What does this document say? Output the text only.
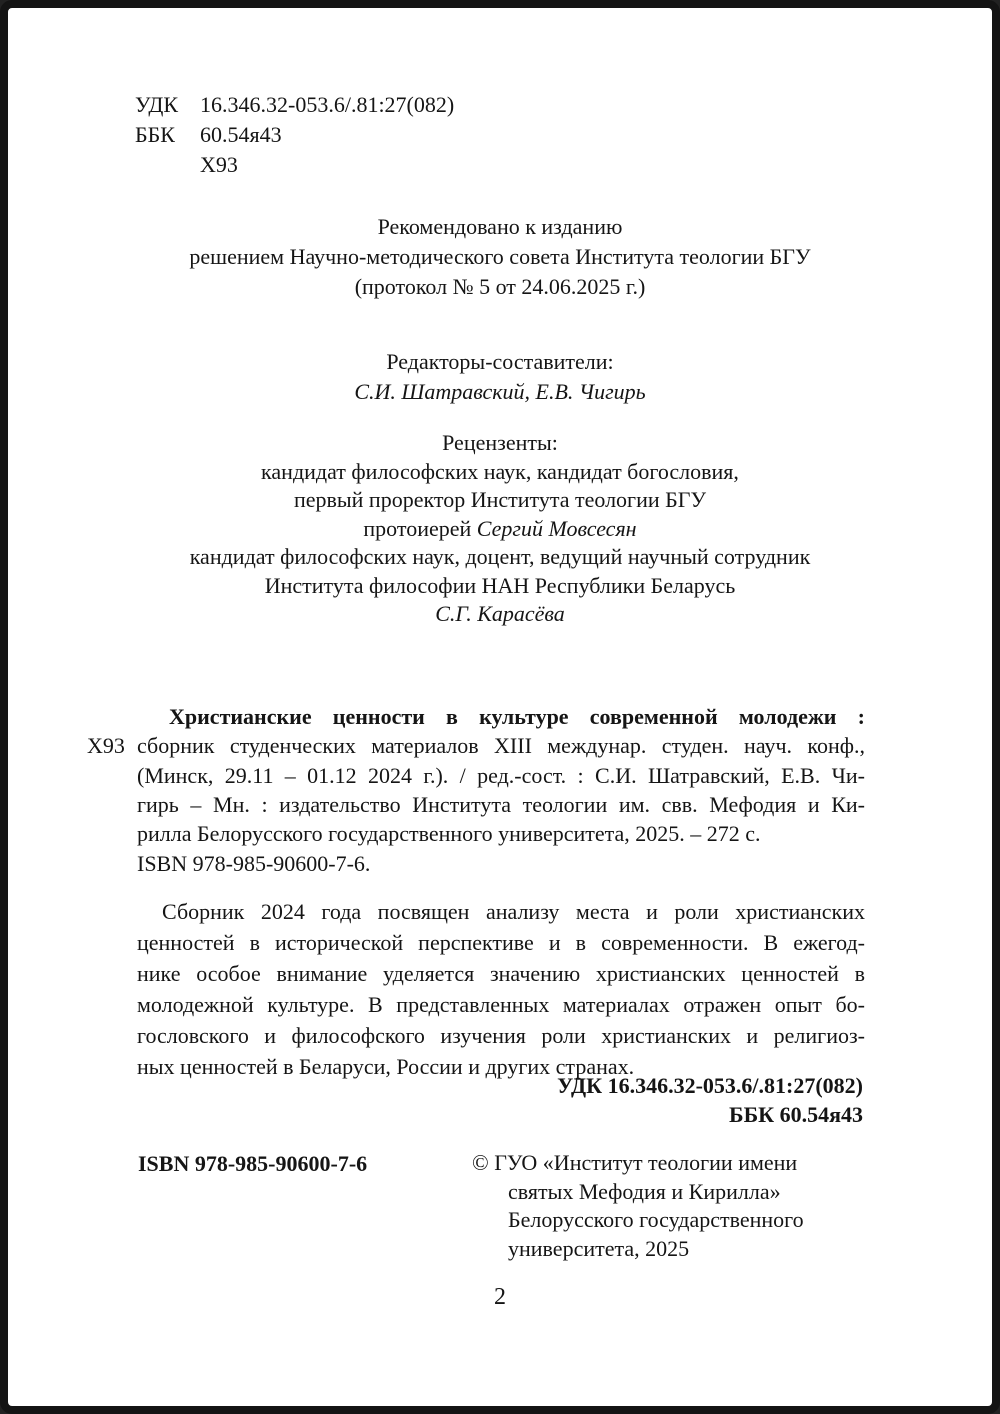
УДК 16.346.32-053.6/.81:27(082)
ББК	60.54я43
Х93
Рекомендовано к изданию
решением Научно-методического совета Института теологии БГУ
(протокол № 5 от 24.06.2025 г.)
Редакторы-составители:
С.И. Шатравский, Е.В. Чигирь
Рецензенты:
кандидат философских наук, кандидат богословия,
первый проректор Института теологии БГУ
протоиерей Сергий Мовсесян
кандидат философских наук, доцент, ведущий научный сотрудник
Института философии НАН Республики Беларусь
С.Г. Карасёва
Х93
Христианские ценности в культуре современной молодежи :
сборник студенческих материалов XIII междунар. студен. науч. конф.,
(Минск, 29.11 – 01.12 2024 г.). / ред.-сост. : С.И. Шатравский, Е.В. Чи-
гирь – Мн. : издательство Института теологии им. свв. Мефодия и Ки-
рилла Белорусского государственного университета, 2025. – 272 с.
ISBN 978-985-90600-7-6.
Сборник 2024 года посвящен анализу места и роли христианских
ценностей в исторической перспективе и в современности. В ежегод-
нике особое внимание уделяется значению христианских ценностей в
молодежной культуре. В представленных материалах отражен опыт бо-
гословского и философского изучения роли христианских и религиоз-
ных ценностей в Беларуси, России и других странах.
УДК 16.346.32-053.6/.81:27(082)
ББК 60.54я43
ISBN 978-985-90600-7-6	© ГУО «Институт теологии имени
святых Мефодия и Кирилла»
Белорусского государственного
университета, 2025
2
